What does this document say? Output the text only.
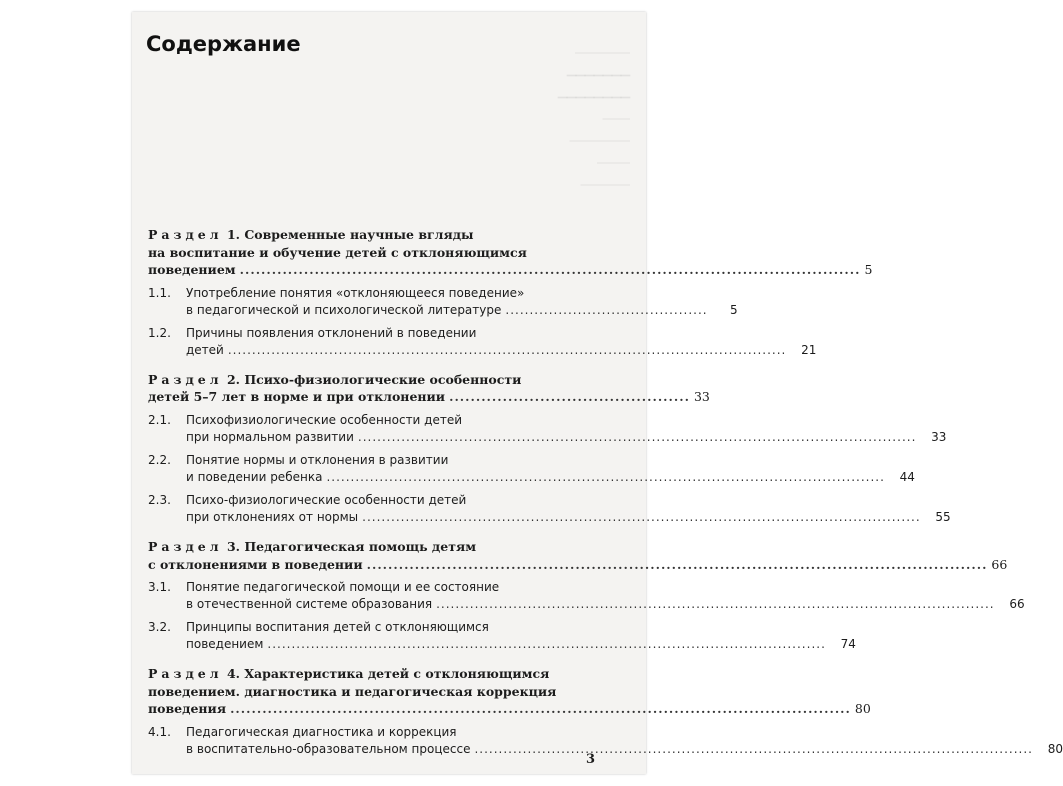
⎯⎯⎯⎯⎯⎯⎯⎯⎯⎯
⎯⎯⎯⎯⎯⎯⎯
⎯⎯⎯⎯⎯⎯⎯⎯
⎯⎯⎯⎯⎯
⎯⎯⎯⎯⎯⎯⎯⎯⎯⎯⎯
⎯⎯⎯⎯⎯⎯
⎯⎯⎯⎯⎯⎯⎯⎯⎯
Содержание
Раздел 1. Современные научные вгляды
на воспитание и обучение детей с отклоняющимся
поведением .................................................................................................................... 5
1.1.	Употребление понятия «отклоняющееся поведение»
в педагогической и психологической литературе ..........................................	5
1.2.	Причины появления отклонений в поведении
детей ....................................................................................................................	21
Раздел 2. Психо-физиологические особенности
детей 5–7 лет в норме и при отклонении ............................................. 33
2.1.	Психофизиологические особенности детей
при нормальном развитии ....................................................................................................................	33
2.2.	Понятие нормы и отклонения в развитии
и поведении ребенка ....................................................................................................................	44
2.3.	Психо-физиологические особенности детей
при отклонениях от нормы ....................................................................................................................	55
Раздел 3. Педагогическая помощь детям
с отклонениями в поведении .................................................................................................................... 66
3.1.	Понятие педагогической помощи и ее состояние
в отечественной системе образования ....................................................................................................................	66
3.2.	Принципы воспитания детей с отклоняющимся
поведением ....................................................................................................................	74
Раздел 4. Характеристика детей с отклоняющимся
поведением. диагностика и педагогическая коррекция
поведения .................................................................................................................... 80
4.1.	Педагогическая диагностика и коррекция
в воспитательно-образовательном процессе ....................................................................................................................	80
3
